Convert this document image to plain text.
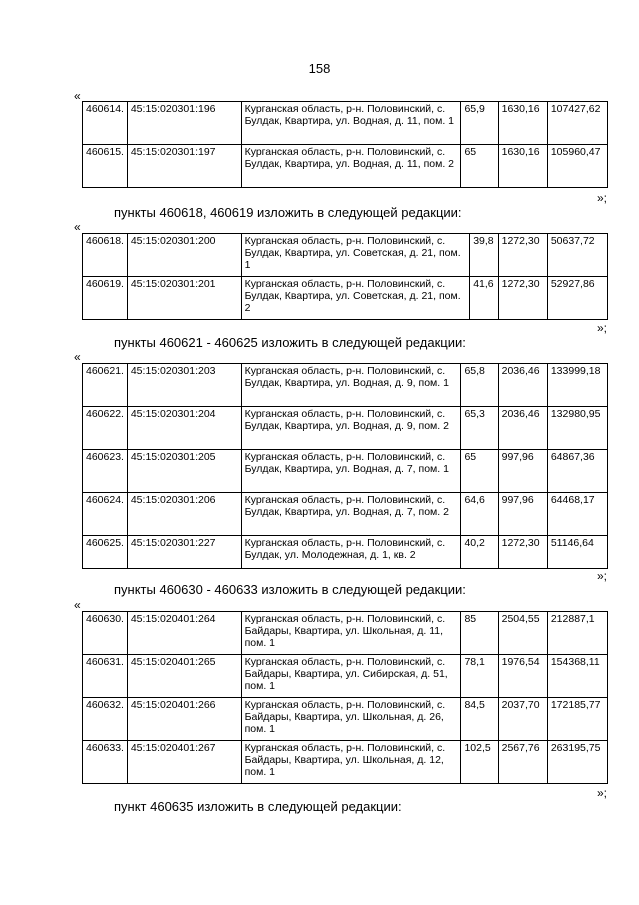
158
«
460614.	45:15:020301:196	Курганская область, р-н. Половинский, с. Булдак, Квартира, ул. Водная, д. 11, пом. 1	65,9	1630,16	107427,62
460615.	45:15:020301:197	Курганская область, р-н. Половинский, с. Булдак, Квартира, ул. Водная, д. 11, пом. 2	65	1630,16	105960,47
»;
пункты 460618, 460619 изложить в следующей редакции:
«
460618.	45:15:020301:200	Курганская область, р-н. Половинский, с. Булдак, Квартира, ул. Советская, д. 21, пом. 1	39,8	1272,30	50637,72
460619.	45:15:020301:201	Курганская область, р-н. Половинский, с. Булдак, Квартира, ул. Советская, д. 21, пом. 2	41,6	1272,30	52927,86
»;
пункты 460621 - 460625 изложить в следующей редакции:
«
460621.	45:15:020301:203	Курганская область, р-н. Половинский, с. Булдак, Квартира, ул. Водная, д. 9, пом. 1	65,8	2036,46	133999,18
460622.	45:15:020301:204	Курганская область, р-н. Половинский, с. Булдак, Квартира, ул. Водная, д. 9, пом. 2	65,3	2036,46	132980,95
460623.	45:15:020301:205	Курганская область, р-н. Половинский, с. Булдак, Квартира, ул. Водная, д. 7, пом. 1	65	997,96	64867,36
460624.	45:15:020301:206	Курганская область, р-н. Половинский, с. Булдак, Квартира, ул. Водная, д. 7, пом. 2	64,6	997,96	64468,17
460625.	45:15:020301:227	Курганская область, р-н. Половинский, с. Булдак, ул. Молодежная, д. 1, кв. 2	40,2	1272,30	51146,64
»;
пункты 460630 - 460633 изложить в следующей редакции:
«
460630.	45:15:020401:264	Курганская область, р-н. Половинский, с. Байдары, Квартира, ул. Школьная, д. 11, пом. 1	85	2504,55	212887,1
460631.	45:15:020401:265	Курганская область, р-н. Половинский, с. Байдары, Квартира, ул. Сибирская, д. 51, пом. 1	78,1	1976,54	154368,11
460632.	45:15:020401:266	Курганская область, р-н. Половинский, с. Байдары, Квартира, ул. Школьная, д. 26, пом. 1	84,5	2037,70	172185,77
460633.	45:15:020401:267	Курганская область, р-н. Половинский, с. Байдары, Квартира, ул. Школьная, д. 12, пом. 1	102,5	2567,76	263195,75
»;
пункт 460635 изложить в следующей редакции:
